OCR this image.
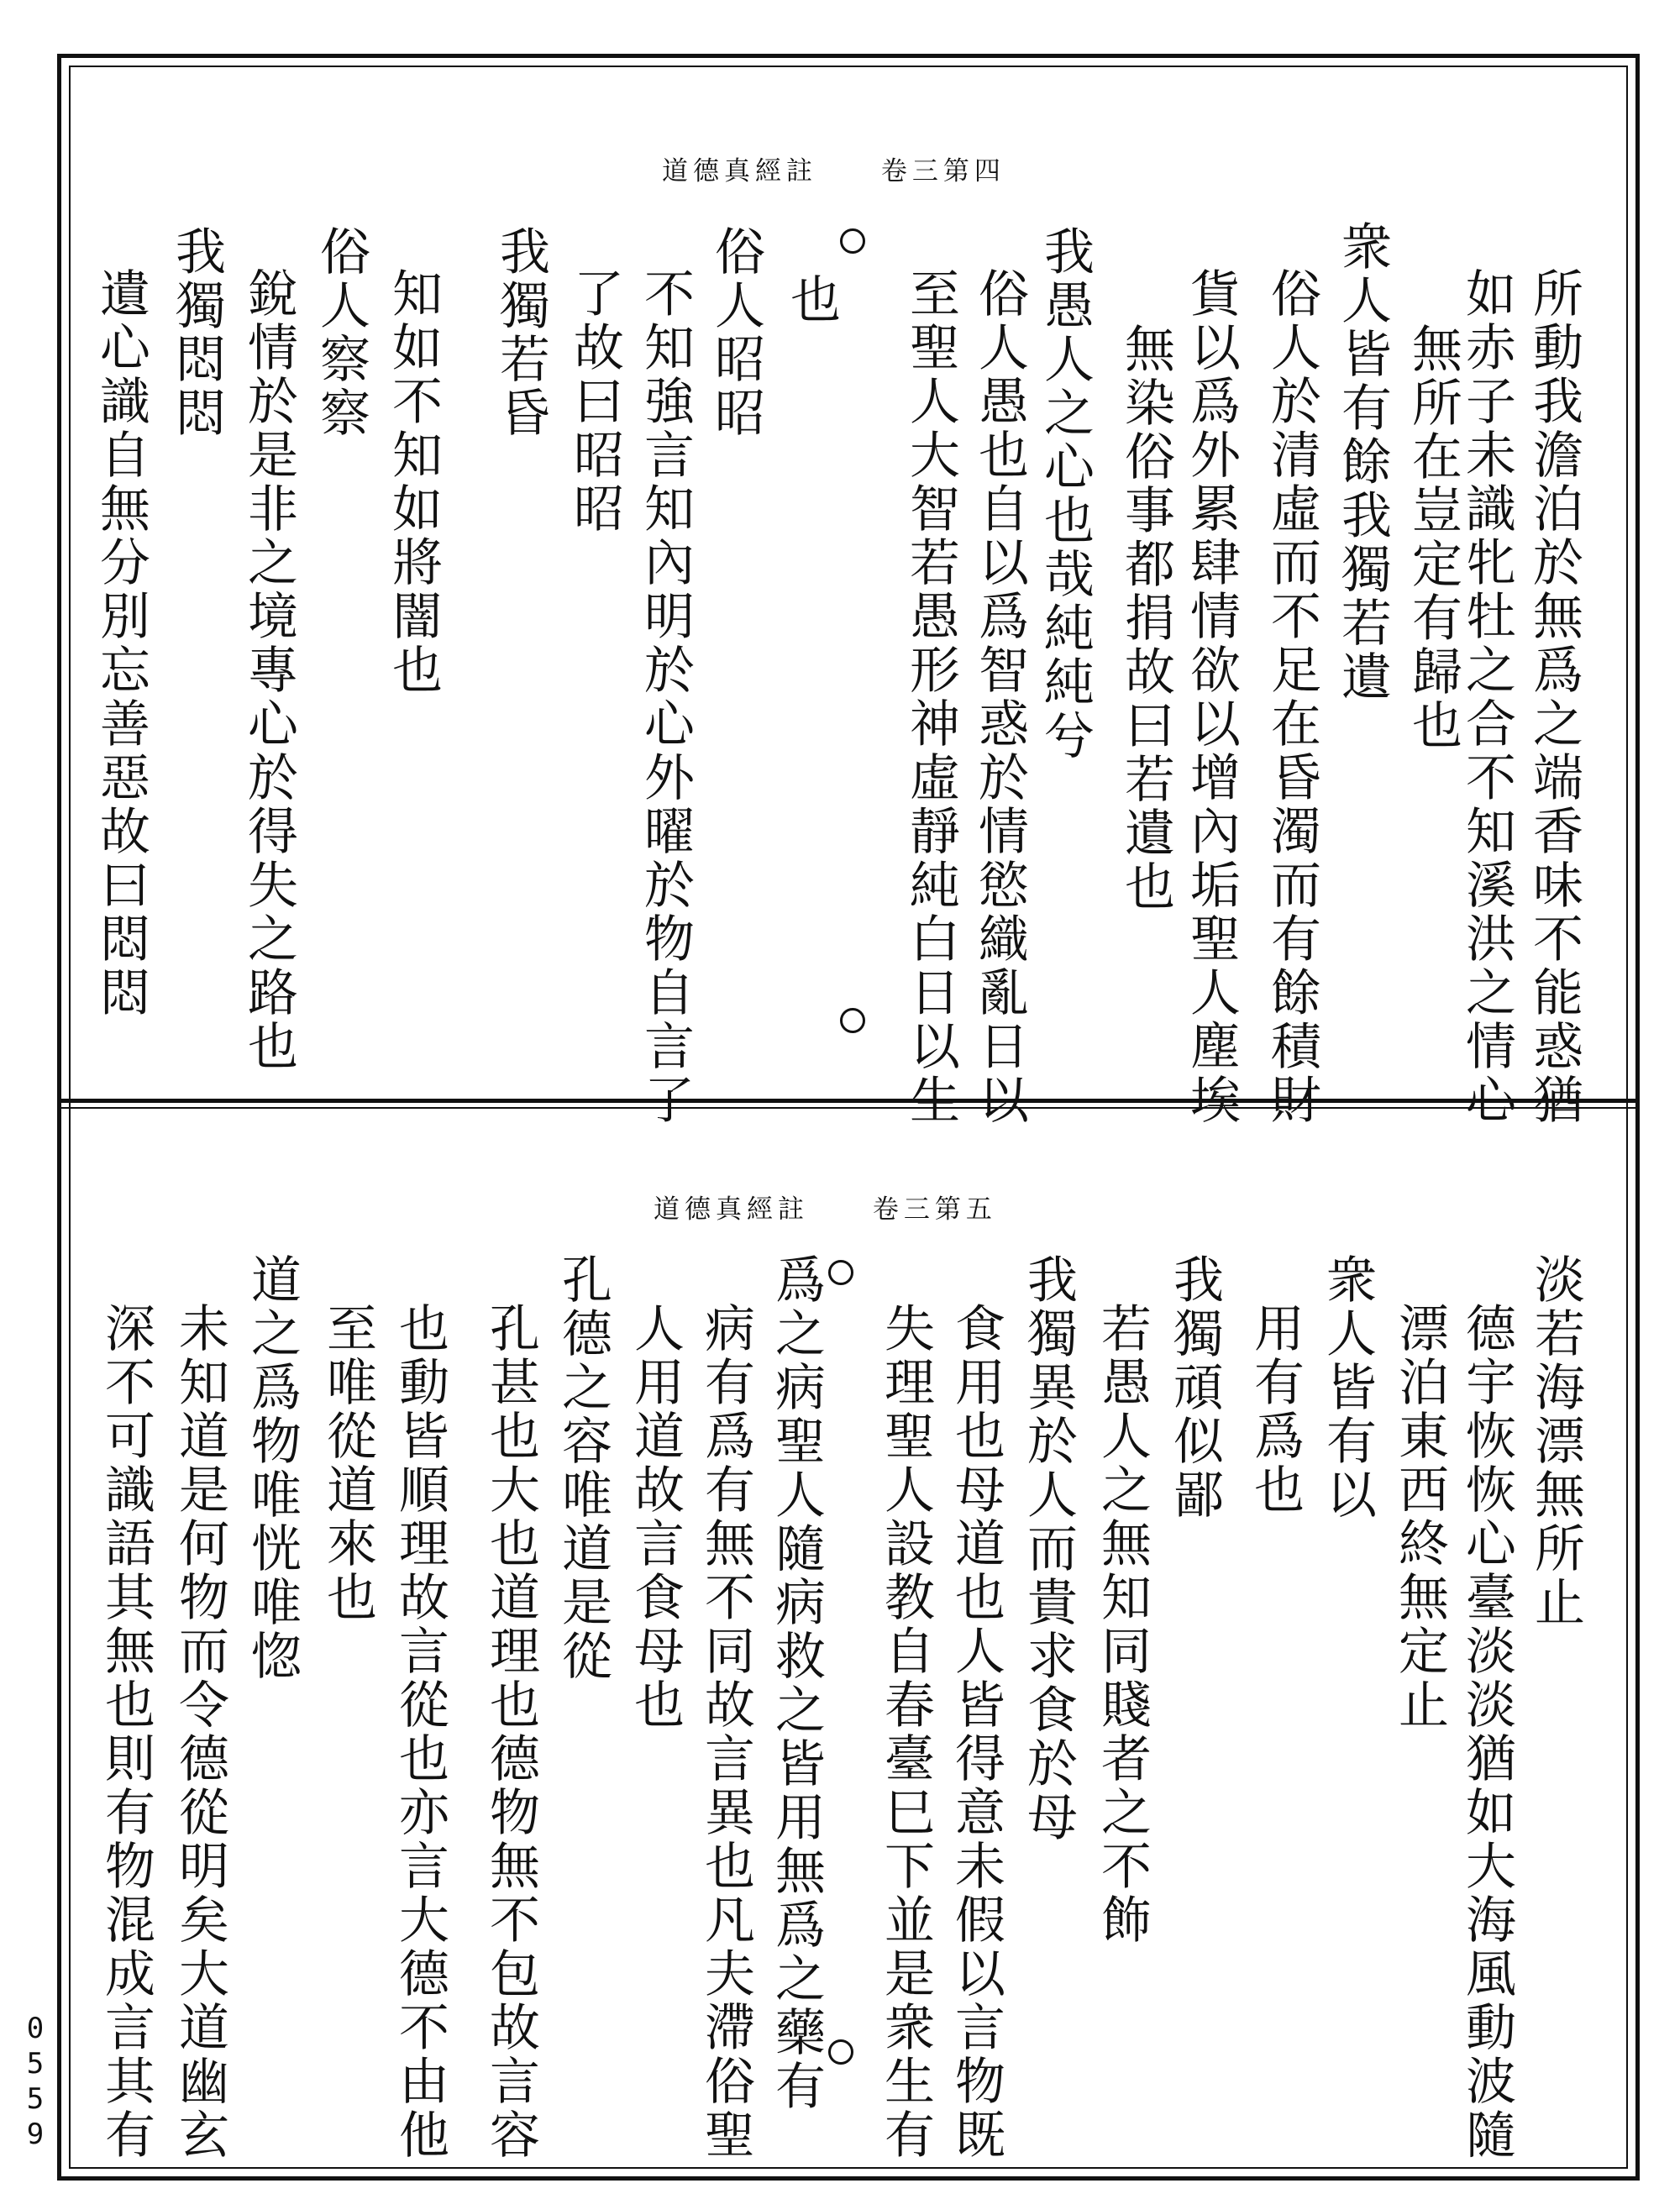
道德真經註 卷三第四
所動我澹泊於無爲之端香味不能惑猶
如赤子未識牝牡之合不知溪洪之情心
無所在豈定有歸也
衆人皆有餘我獨若遺
俗人於清虛而不足在昏濁而有餘積財
貨以爲外累肆情欲以增內垢聖人塵埃
無染俗事都捐故曰若遺也
我愚人之心也哉純純兮
俗人愚也自以爲智惑於情慾織亂日以
至聖人大智若愚形神虛靜純白日以生
也
俗人昭昭
不知強言知內明於心外曜於物自言了
了故曰昭昭
我獨若昏
知如不知如將闇也
俗人察察
銳情於是非之境專心於得失之路也
我獨悶悶
遺心識自無分別忘善惡故曰悶悶
道德真經註 卷三第五
淡若海漂無所止
德宇恢恢心臺淡淡猶如大海風動波隨
漂泊東西終無定止
衆人皆有以
用有爲也
我獨頑似鄙
若愚人之無知同賤者之不飾
我獨異於人而貴求食於母
食用也母道也人皆得意未假以言物既
失理聖人設教自春臺巳下並是衆生有
爲之病聖人隨病救之皆用無爲之藥有
病有爲有無不同故言異也凡夫滯俗聖
人用道故言食母也
孔德之容唯道是從
孔甚也大也道理也德物無不包故言容
也動皆順理故言從也亦言大德不由他
至唯從道來也
道之爲物唯恍唯惚
未知道是何物而令德從明矣大道幽玄
深不可識語其無也則有物混成言其有
0559
